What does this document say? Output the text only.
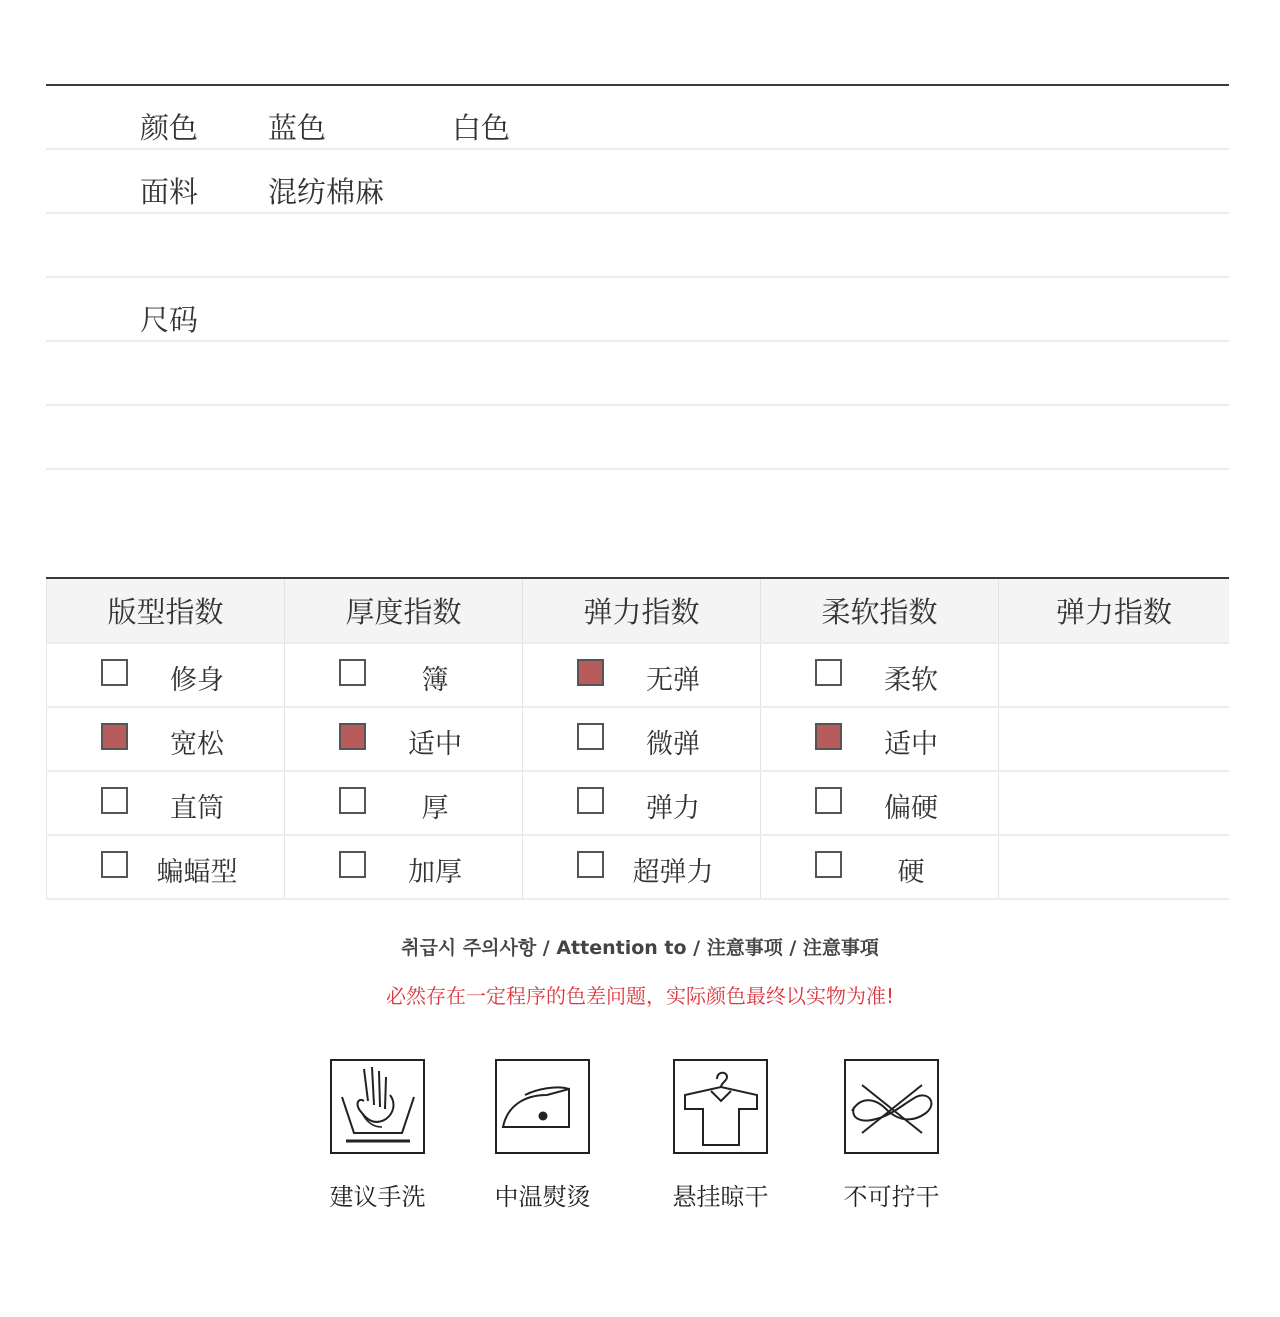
颜色 蓝色	白色
面料 混纺棉麻
尺码
版型指数	厚度指数	弹力指数	柔软指数	弹力指数
修身	簿	无弹	柔软
宽松	适中	微弹	适中
直筒	厚	弹力	偏硬
蝙蝠型	加厚	超弹力	硬
취급시 주의사항 / Attention to / 注意事项 / 注意事項
必然存在一定程序的色差问题，实际颜色最终以实物为准!
建议手洗	中温熨烫	悬挂晾干	不可拧干
